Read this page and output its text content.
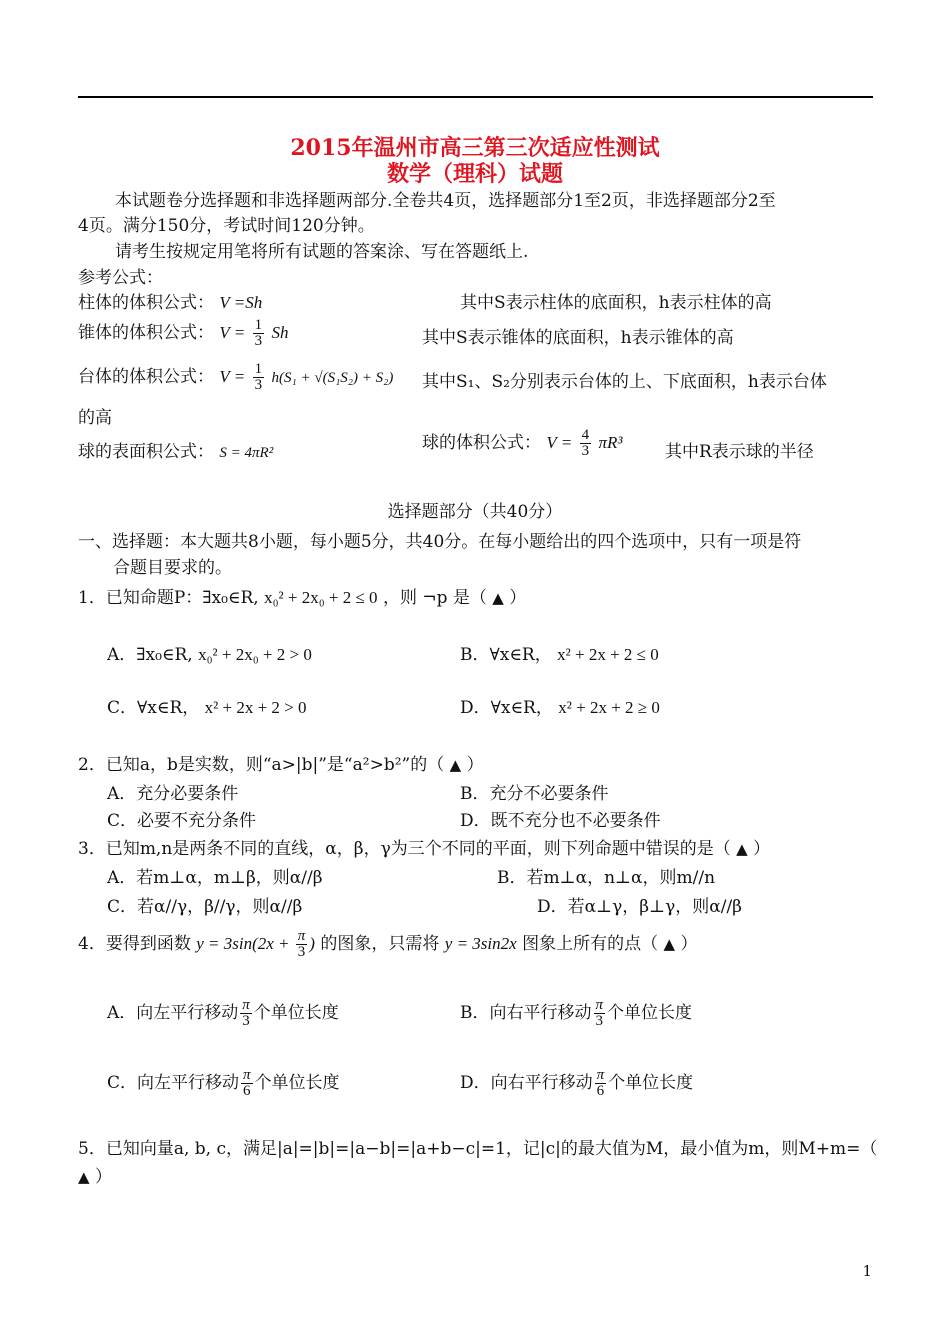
2015年温州市高三第三次适应性测试
数学（理科）试题
本试题卷分选择题和非选择题两部分.全卷共4页，选择题部分1至2页，非选择题部分2至
4页。满分150分，考试时间120分钟。
请考生按规定用笔将所有试题的答案涂、写在答题纸上.
参考公式：
柱体的体积公式： V =Sh	其中S表示柱体的底面积，h表示柱体的高
锥体的体积公式： $V = \frac{1}{3}$ Sh	其中S表示锥体的底面积，h表示锥体的高
台体的体积公式： $V = \frac{1}{3} h(S_1 + √(S_1S_2) + S_2)$ 其中S₁、S₂分别表示台体的上、下底面积，h表示台体
的高
球的表面积公式： S = 4πR²	球的体积公式： $V = \frac{4}{3} \pi R^3$ 其中R表示球的半径
选择题部分（共40分）
一、选择题：本大题共8小题，每小题5分，共40分。在每小题给出的四个选项中，只有一项是符
合题目要求的。
1．已知命题P：∃x₀∈R, x₀² + 2x₀ + 2 ≤ 0 ，则 ¬p 是（ ▲ ）
A．∃x₀∈R, x₀² + 2x₀ + 2 > 0	B．∀x∈R， x² + 2x + 2 ≤ 0
C．∀x∈R， x² + 2x + 2 > 0	D．∀x∈R， x² + 2x + 2 ≥ 0
2．已知a，b是实数，则“a>|b|”是“a²>b²”的（ ▲ ）
A．充分必要条件	B．充分不必要条件
C．必要不充分条件	D．既不充分也不必要条件
3．已知m,n是两条不同的直线，α，β，γ为三个不同的平面，则下列命题中错误的是（ ▲ ）
A．若m⊥α，m⊥β，则α//β	B．若m⊥α，n⊥α，则m//n
C．若α//γ，β//γ，则α//β	D．若α⊥γ，β⊥γ，则α//β
4．要得到函数 $y = 3\sin(2x + \frac{\pi}{3}$ ) 的图象，只需将 y = 3sin2x 图象上所有的点（ ▲ ）
A．向左平行移动 $\frac{\pi}{3}$ 个单位长度	B．向右平行移动 $\frac{\pi}{3}$ 个单位长度
C．向左平行移动 $\frac{\pi}{6}$ 个单位长度	D．向右平行移动 $\frac{\pi}{6}$ 个单位长度
5．已知向量a, b, c，满足|a|=|b|=|a−b|=|a+b−c|=1，记|c|的最大值为M，最小值为m，则M+m=（
▲ ）
1
